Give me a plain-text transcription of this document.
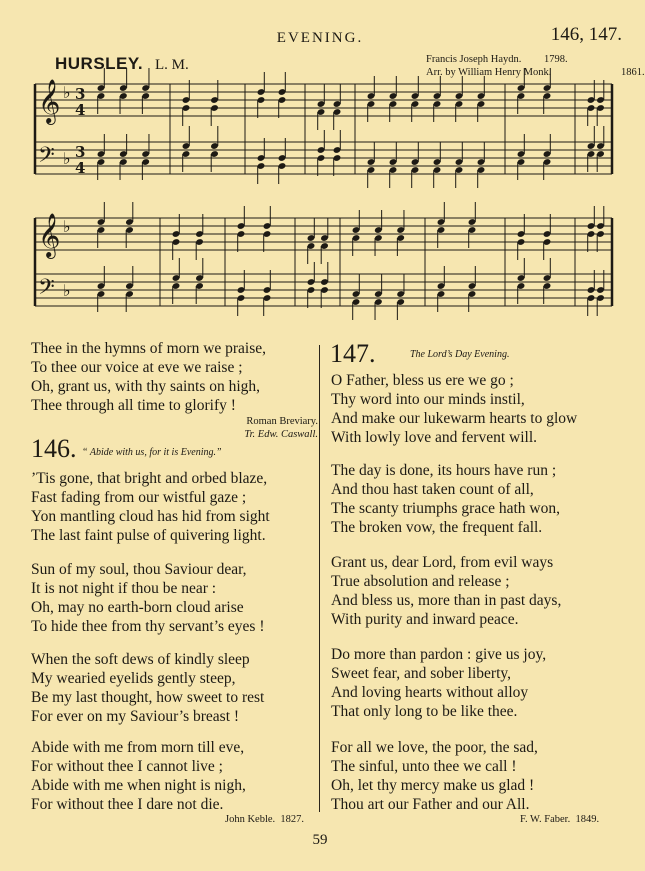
EVENING.	146, 147.
HURSLEY. L. M.	Francis Joseph Haydn. 1798.
Arr. by William Henry Monk.	1861.
𝄞 ♭ 3
4
𝄢 ♭ 3
4
𝄞 ♭
𝄢 ♭
Thee in the hymns of morn we praise,
To thee our voice at eve we raise ;
Oh, grant us, with thy saints on high,
Thee through all time to glorify !
Roman Breviary.
Tr. Edw. Caswall.
146. “ Abide with us, for it is Evening.”
’Tis gone, that bright and orbed blaze,
Fast fading from our wistful gaze ;
Yon mantling cloud has hid from sight
The last faint pulse of quivering light.
Sun of my soul, thou Saviour dear,
It is not night if thou be near :
Oh, may no earth-born cloud arise
To hide thee from thy servant’s eyes !
When the soft dews of kindly sleep
My wearied eyelids gently steep,
Be my last thought, how sweet to rest
For ever on my Saviour’s breast !
Abide with me from morn till eve,
For without thee I cannot live ;
Abide with me when night is nigh,
For without thee I dare not die.
John Keble. 1827.
147.	The Lord’s Day Evening.
O Father, bless us ere we go ;
Thy word into our minds instil,
And make our lukewarm hearts to glow
With lowly love and fervent will.
The day is done, its hours have run ;
And thou hast taken count of all,
The scanty triumphs grace hath won,
The broken vow, the frequent fall.
Grant us, dear Lord, from evil ways
True absolution and release ;
And bless us, more than in past days,
With purity and inward peace.
Do more than pardon : give us joy,
Sweet fear, and sober liberty,
And loving hearts without alloy
That only long to be like thee.
For all we love, the poor, the sad,
The sinful, unto thee we call !
Oh, let thy mercy make us glad !
Thou art our Father and our All.
F. W. Faber. 1849.
59
